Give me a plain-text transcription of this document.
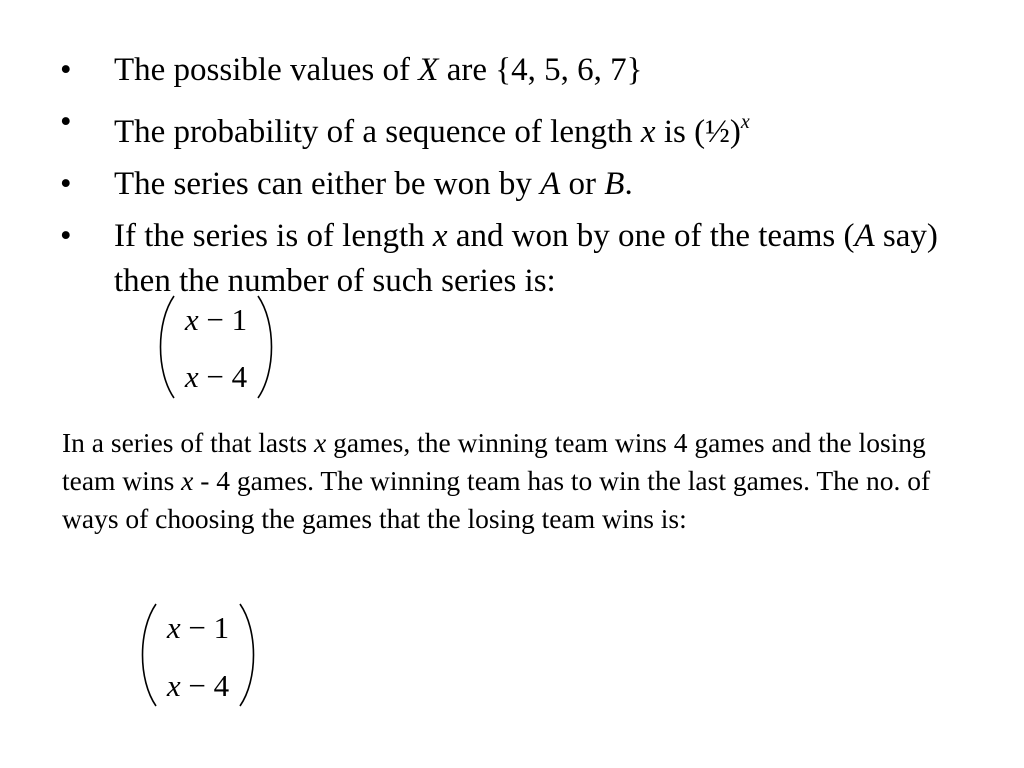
• The possible values of X are {4, 5, 6, 7}
• The probability of a sequence of length x is (½)$^x$
• The series can either be won by A or B.
• If the series is of length x and won by one of the teams (A say) then the number of such series is:
x − 1
x − 4

In a series of that lasts x games, the winning team wins 4 games and the losing team wins x - 4 games. The winning team has to win the last games. The no. of ways of choosing the games that the losing team wins is:

x − 1
x − 4
